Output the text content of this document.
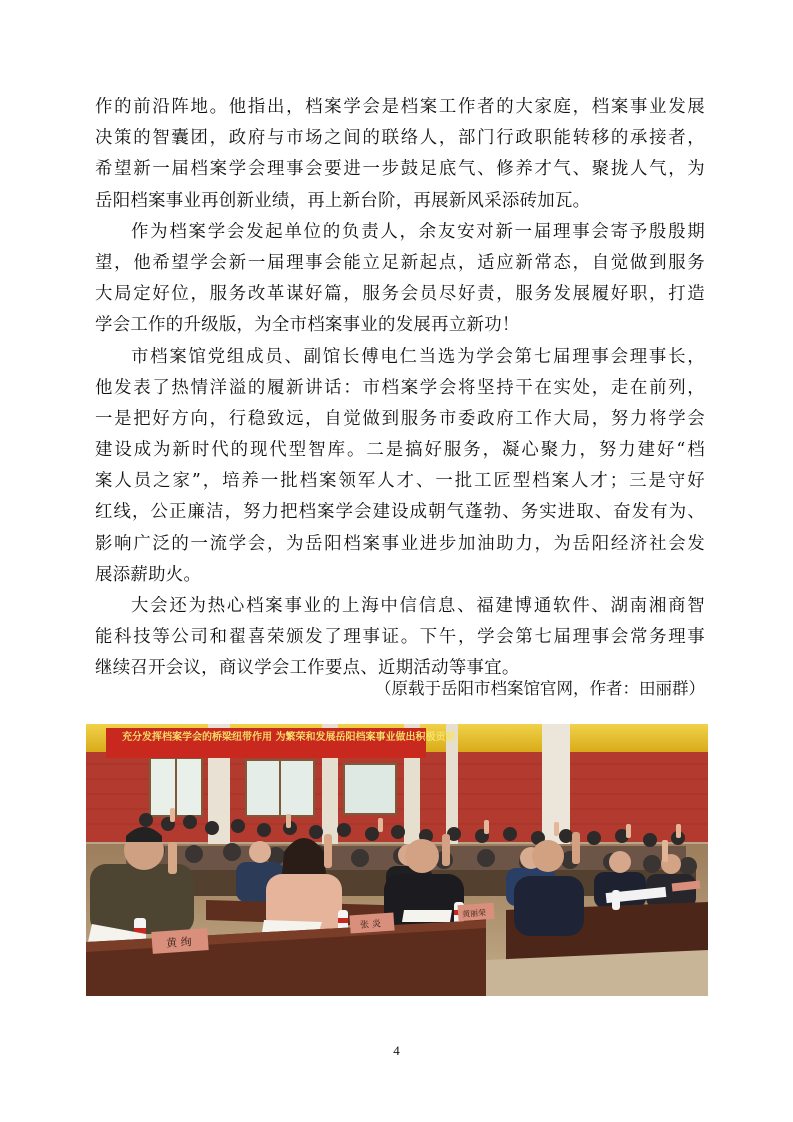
作的前沿阵地。他指出，档案学会是档案工作者的大家庭，档案事业发展
决策的智囊团，政府与市场之间的联络人，部门行政职能转移的承接者，
希望新一届档案学会理事会要进一步鼓足底气、修养才气、聚拢人气，为
岳阳档案事业再创新业绩，再上新台阶，再展新风采添砖加瓦。
作为档案学会发起单位的负责人，余友安对新一届理事会寄予殷殷期
望，他希望学会新一届理事会能立足新起点，适应新常态，自觉做到服务
大局定好位，服务改革谋好篇，服务会员尽好责，服务发展履好职，打造
学会工作的升级版，为全市档案事业的发展再立新功！
市档案馆党组成员、副馆长傅电仁当选为学会第七届理事会理事长，
他发表了热情洋溢的履新讲话：市档案学会将坚持干在实处，走在前列，
一是把好方向，行稳致远，自觉做到服务市委政府工作大局，努力将学会
建设成为新时代的现代型智库。二是搞好服务，凝心聚力，努力建好“档
案人员之家”，培养一批档案领军人才、一批工匠型档案人才；三是守好
红线，公正廉洁，努力把档案学会建设成朝气蓬勃、务实进取、奋发有为、
影响广泛的一流学会，为岳阳档案事业进步加油助力，为岳阳经济社会发
展添薪助火。
大会还为热心档案事业的上海中信信息、福建博通软件、湖南湘商智
能科技等公司和翟喜荣颁发了理事证。下午，学会第七届理事会常务理事
继续召开会议，商议学会工作要点、近期活动等事宜。
（原载于岳阳市档案馆官网，作者：田丽群）
充分发挥档案学会的桥梁纽带作用 为繁荣和发展岳阳档案事业做出积极贡献
黄 绚
张 炎
黄丽荣
4
